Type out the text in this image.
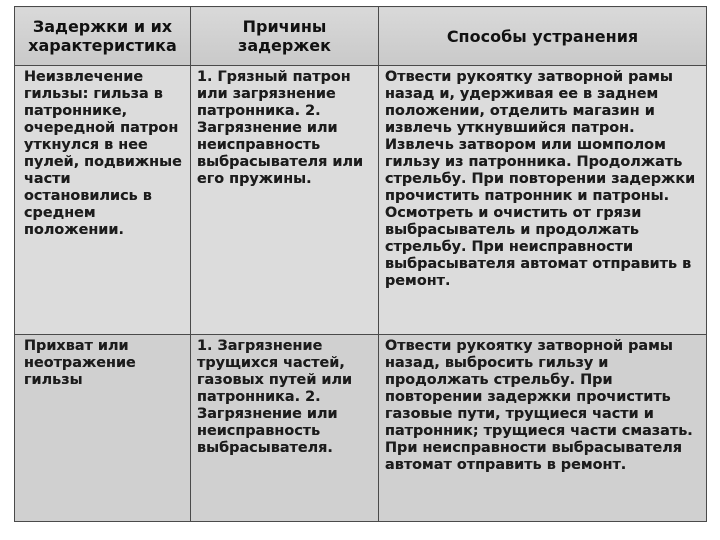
Задержки и их характеристика	Причины задержек	Способы устранения
Неизвлечение гильзы: гильза в патроннике, очередной патрон уткнулся в нее пулей, подвижные части остановились в среднем положении.	1. Грязный патрон или загрязнение патронника. 2. Загрязнение или неисправность выбрасывателя или его пружины.	Отвести рукоятку затворной рамы назад и, удерживая ее в заднем положении, отделить магазин и извлечь уткнувшийся патрон. Извлечь затвором или шомполом гильзу из патронника. Продолжать стрельбу. При повторении задержки прочистить патронник и патроны. Осмотреть и очистить от грязи выбрасыватель и продолжать стрельбу. При неисправности выбрасывателя автомат отправить в ремонт.
Прихват или неотражение гильзы	1. Загрязнение трущихся частей, газовых путей или патронника. 2. Загрязнение или неисправность выбрасывателя.	Отвести рукоятку затворной рамы назад, выбросить гильзу и продолжать стрельбу. При повторении задержки прочистить газовые пути, трущиеся части и патронник; трущиеся части смазать. При неисправности выбрасывателя автомат отправить в ремонт.
